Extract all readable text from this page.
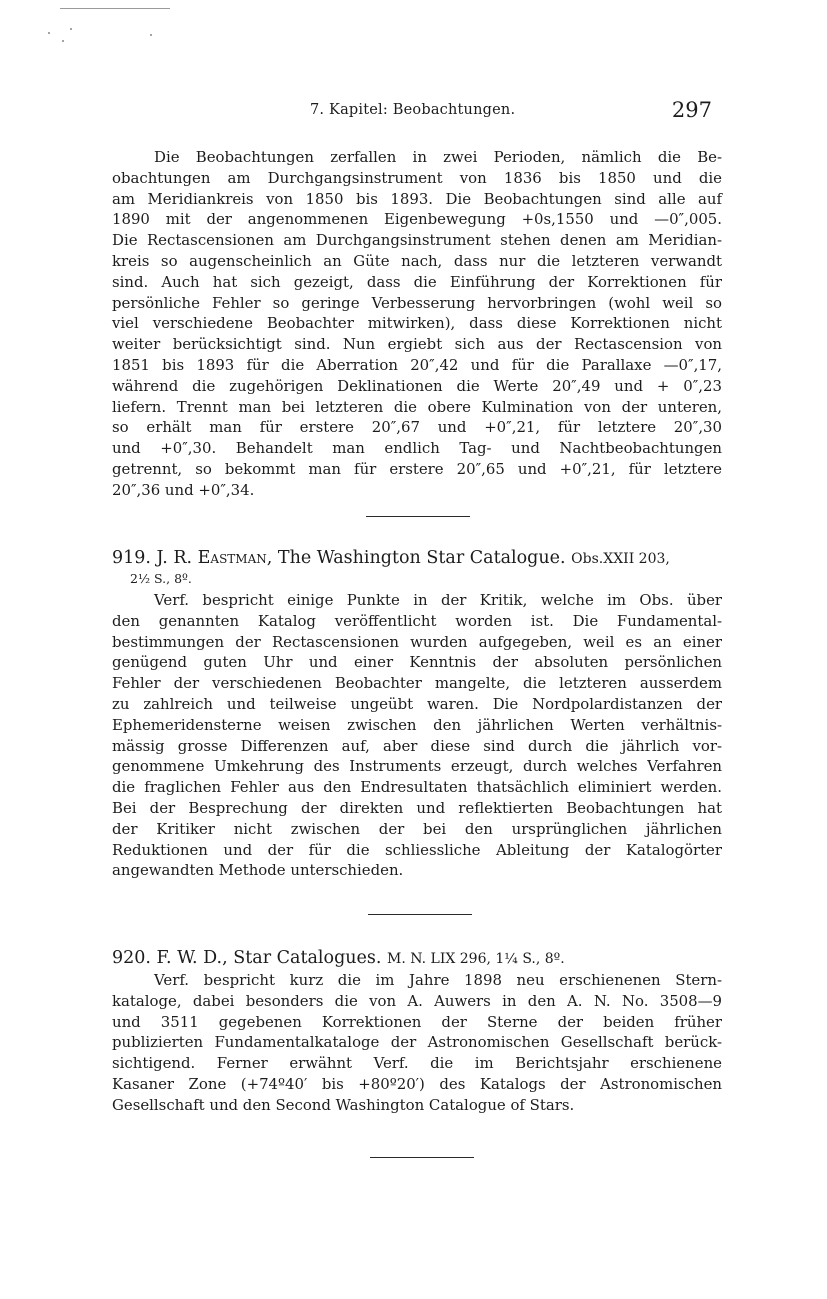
7. Kapitel: Beobachtungen.	297
Die Beobachtungen zerfallen in zwei Perioden, nämlich die Be-
obachtungen am Durchgangsinstrument von 1836 bis 1850 und die
am Meridiankreis von 1850 bis 1893. Die Beobachtungen sind alle auf
1890 mit der angenommenen Eigenbewegung +0s,1550 und —0″,005.
Die Rectascensionen am Durchgangsinstrument stehen denen am Meridian-
kreis so augenscheinlich an Güte nach, dass nur die letzteren verwandt
sind. Auch hat sich gezeigt, dass die Einführung der Korrektionen für
persönliche Fehler so geringe Verbesserung hervorbringen (wohl weil so
viel verschiedene Beobachter mitwirken), dass diese Korrektionen nicht
weiter berücksichtigt sind. Nun ergiebt sich aus der Rectascension von
1851 bis 1893 für die Aberration 20″,42 und für die Parallaxe —0″,17,
während die zugehörigen Deklinationen die Werte 20″,49 und + 0″,23
liefern. Trennt man bei letzteren die obere Kulmination von der unteren,
so erhält man für erstere 20″,67 und +0″,21, für letztere 20″,30
und +0″,30. Behandelt man endlich Tag- und Nachtbeobachtungen
getrennt, so bekommt man für erstere 20″,65 und +0″,21, für letztere
20″,36 und +0″,34.
919. J. R. Eastman, The Washington Star Catalogue. Obs.XXII 203,
2½ S., 8º.
Verf. bespricht einige Punkte in der Kritik, welche im Obs. über
den genannten Katalog veröffentlicht worden ist. Die Fundamental-
bestimmungen der Rectascensionen wurden aufgegeben, weil es an einer
genügend guten Uhr und einer Kenntnis der absoluten persönlichen
Fehler der verschiedenen Beobachter mangelte, die letzteren ausserdem
zu zahlreich und teilweise ungeübt waren. Die Nordpolardistanzen der
Ephemeridensterne weisen zwischen den jährlichen Werten verhältnis-
mässig grosse Differenzen auf, aber diese sind durch die jährlich vor-
genommene Umkehrung des Instruments erzeugt, durch welches Verfahren
die fraglichen Fehler aus den Endresultaten thatsächlich eliminiert werden.
Bei der Besprechung der direkten und reflektierten Beobachtungen hat
der Kritiker nicht zwischen der bei den ursprünglichen jährlichen
Reduktionen und der für die schliessliche Ableitung der Katalogörter
angewandten Methode unterschieden.
920. F. W. D., Star Catalogues. M. N. LIX 296, 1¼ S., 8º.
Verf. bespricht kurz die im Jahre 1898 neu erschienenen Stern-
kataloge, dabei besonders die von A. Auwers in den A. N. No. 3508—9
und 3511 gegebenen Korrektionen der Sterne der beiden früher
publizierten Fundamentalkataloge der Astronomischen Gesellschaft berück-
sichtigend. Ferner erwähnt Verf. die im Berichtsjahr erschienene
Kasaner Zone (+74º40′ bis +80º20′) des Katalogs der Astronomischen
Gesellschaft und den Second Washington Catalogue of Stars.
